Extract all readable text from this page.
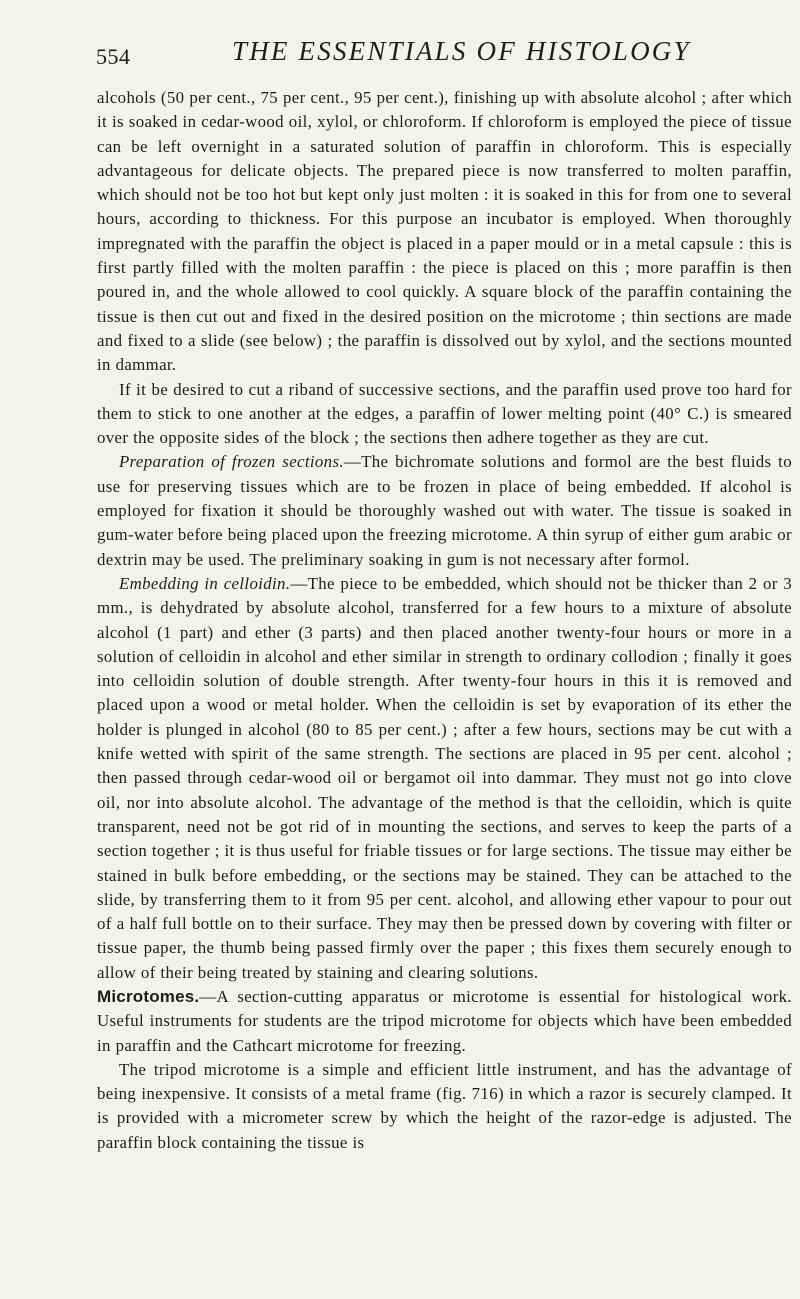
554	THE ESSENTIALS OF HISTOLOGY

alcohols (50 per cent., 75 per cent., 95 per cent.), finishing up with absolute alcohol ; after which it is soaked in cedar-wood oil, xylol, or chloroform. If chloroform is employed the piece of tissue can be left overnight in a saturated solution of paraffin in chloroform. This is especially advantageous for delicate objects. The prepared piece is now transferred to molten paraffin, which should not be too hot but kept only just molten : it is soaked in this for from one to several hours, according to thickness. For this purpose an incubator is employed. When thoroughly impregnated with the paraffin the object is placed in a paper mould or in a metal capsule : this is first partly filled with the molten paraffin : the piece is placed on this ; more paraffin is then poured in, and the whole allowed to cool quickly. A square block of the paraffin containing the tissue is then cut out and fixed in the desired position on the microtome ; thin sections are made and fixed to a slide (see below) ; the paraffin is dissolved out by xylol, and the sections mounted in dammar.

If it be desired to cut a riband of successive sections, and the paraffin used prove too hard for them to stick to one another at the edges, a paraffin of lower melting point (40° C.) is smeared over the opposite sides of the block ; the sections then adhere together as they are cut.

Preparation of frozen sections.—The bichromate solutions and formol are the best fluids to use for preserving tissues which are to be frozen in place of being embedded. If alcohol is employed for fixation it should be thoroughly washed out with water. The tissue is soaked in gum-water before being placed upon the freezing microtome. A thin syrup of either gum arabic or dextrin may be used. The preliminary soaking in gum is not necessary after formol.

Embedding in celloidin.—The piece to be embedded, which should not be thicker than 2 or 3 mm., is dehydrated by absolute alcohol, transferred for a few hours to a mixture of absolute alcohol (1 part) and ether (3 parts) and then placed another twenty-four hours or more in a solution of celloidin in alcohol and ether similar in strength to ordinary collodion ; finally it goes into celloidin solution of double strength. After twenty-four hours in this it is removed and placed upon a wood or metal holder. When the celloidin is set by evaporation of its ether the holder is plunged in alcohol (80 to 85 per cent.) ; after a few hours, sections may be cut with a knife wetted with spirit of the same strength. The sections are placed in 95 per cent. alcohol ; then passed through cedar-wood oil or bergamot oil into dammar. They must not go into clove oil, nor into absolute alcohol. The advantage of the method is that the celloidin, which is quite transparent, need not be got rid of in mounting the sections, and serves to keep the parts of a section together ; it is thus useful for friable tissues or for large sections. The tissue may either be stained in bulk before embedding, or the sections may be stained. They can be attached to the slide, by transferring them to it from 95 per cent. alcohol, and allowing ether vapour to pour out of a half full bottle on to their surface. They may then be pressed down by covering with filter or tissue paper, the thumb being passed firmly over the paper ; this fixes them securely enough to allow of their being treated by staining and clearing solutions.

Microtomes.—A section-cutting apparatus or microtome is essential for histological work. Useful instruments for students are the tripod microtome for objects which have been embedded in paraffin and the Cathcart microtome for freezing.

The tripod microtome is a simple and efficient little instrument, and has the advantage of being inexpensive. It consists of a metal frame (fig. 716) in which a razor is securely clamped. It is provided with a micrometer screw by which the height of the razor-edge is adjusted. The paraffin block containing the tissue is
